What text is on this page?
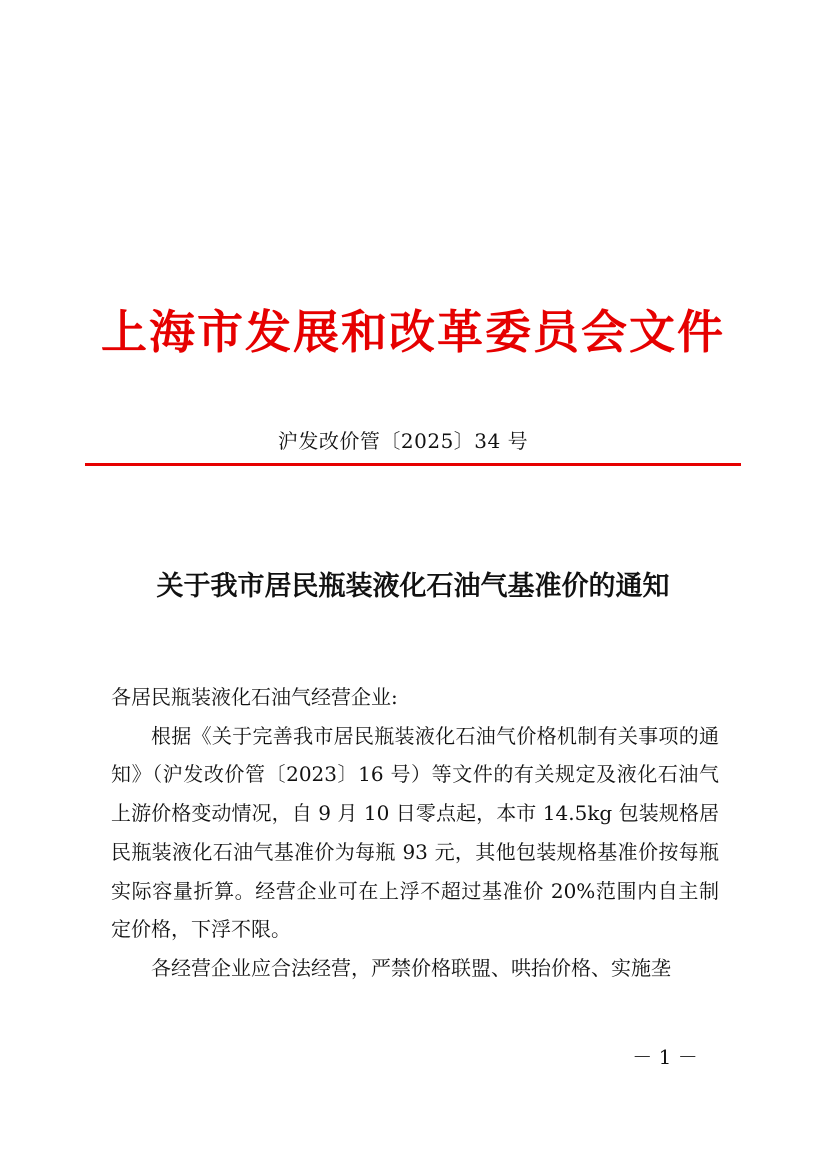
上海市发展和改革委员会文件
沪发改价管〔2025〕34 号
关于我市居民瓶装液化石油气基准价的通知

各居民瓶装液化石油气经营企业:

根据《关于完善我市居民瓶装液化石油气价格机制有关事项的通知》（沪发改价管〔2023〕16 号）等文件的有关规定及液化石油气上游价格变动情况，自 9 月 10 日零点起，本市 14.5kg 包装规格居民瓶装液化石油气基准价为每瓶 93 元，其他包装规格基准价按每瓶实际容量折算。经营企业可在上浮不超过基准价 20%范围内自主制定价格，下浮不限。

各经营企业应合法经营，严禁价格联盟、哄抬价格、实施垄

－ 1 －
